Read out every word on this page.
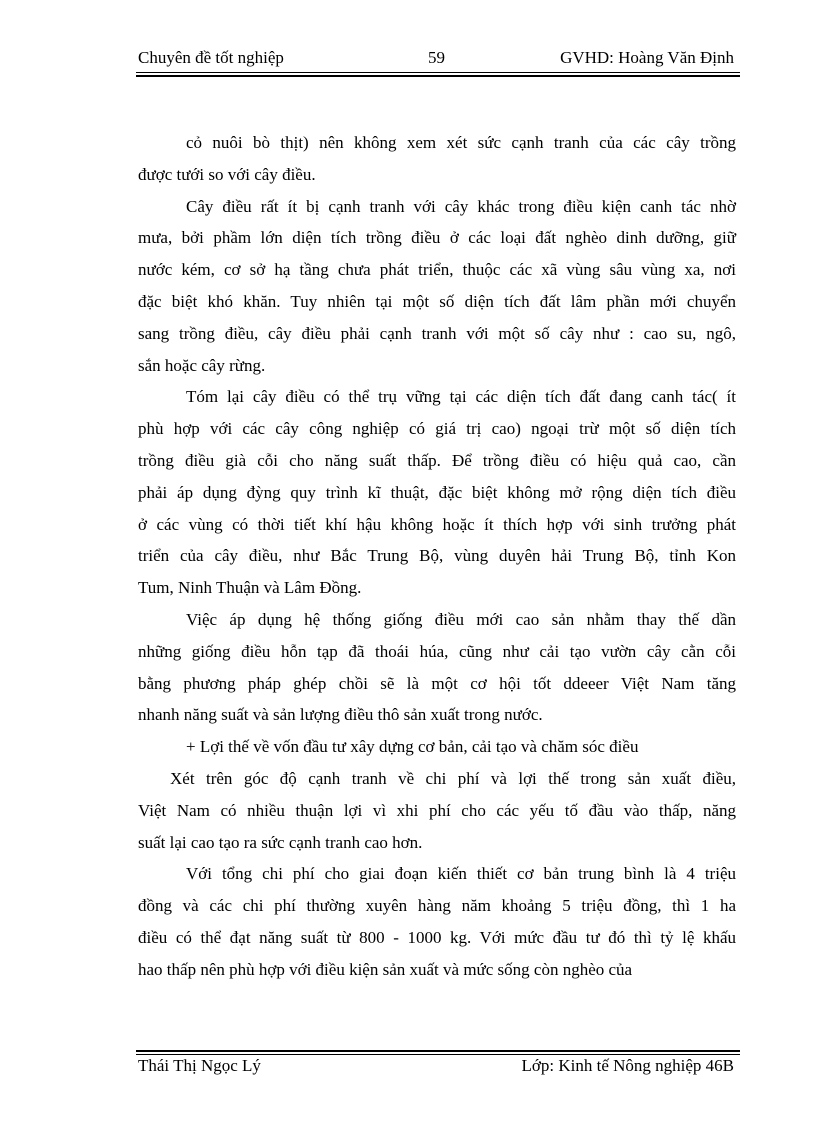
Chuyên đề tốt nghiệp	59	GVHD: Hoàng Văn Định
cỏ nuôi bò thịt) nên không xem xét sức cạnh tranh của các cây trồng
được tưới so với cây điều.
Cây điều rất ít bị cạnh tranh với cây khác trong điều kiện canh tác nhờ
mưa, bởi phầm lớn diện tích trồng điều ở các loại đất nghèo dinh dưỡng, giữ
nước kém, cơ sở hạ tầng chưa phát triển, thuộc các xã vùng sâu vùng xa, nơi
đặc biệt khó khăn. Tuy nhiên tại một số diện tích đất lâm phần mới chuyển
sang trồng điều, cây điều phải cạnh tranh với một số cây như : cao su, ngô,
sắn hoặc cây rừng.
Tóm lại cây điều có thể trụ vững tại các diện tích đất đang canh tác( ít
phù hợp với các cây công nghiệp có giá trị cao) ngoại trừ một số diện tích
trồng điều già cỗi cho năng suất thấp. Để trồng điều có hiệu quả cao, cần
phải áp dụng đỳng quy trình kĩ thuật, đặc biệt không mở rộng diện tích điều
ở các vùng có thời tiết khí hậu không hoặc ít thích hợp với sinh trưởng phát
triển của cây điều, như Bắc Trung Bộ, vùng duyên hải Trung Bộ, tỉnh Kon
Tum, Ninh Thuận và Lâm Đồng.
Việc áp dụng hệ thống giống điều mới cao sản nhằm thay thế dần
những giống điều hỗn tạp đã thoái húa, cũng như cải tạo vườn cây cằn cỗi
bằng phương pháp ghép chồi sẽ là một cơ hội tốt ddeeer Việt Nam tăng
nhanh năng suất và sản lượng điều thô sản xuất trong nước.
+ Lợi thế về vốn đầu tư xây dựng cơ bản, cải tạo và chăm sóc điều
Xét trên góc độ cạnh tranh về chi phí và lợi thế trong sản xuất điều,
Việt Nam có nhiều thuận lợi vì xhi phí cho các yếu tố đầu vào thấp, năng
suất lại cao tạo ra sức cạnh tranh cao hơn.
Với tổng chi phí cho giai đoạn kiến thiết cơ bản trung bình là 4 triệu
đồng và các chi phí thường xuyên hàng năm khoảng 5 triệu đồng, thì 1 ha
điều có thể đạt năng suất từ 800 - 1000 kg. Với mức đầu tư đó thì tỷ lệ khấu
hao thấp nên phù hợp với điều kiện sản xuất và mức sống còn nghèo của
Thái Thị Ngọc Lý	Lớp: Kinh tế Nông nghiệp 46B
